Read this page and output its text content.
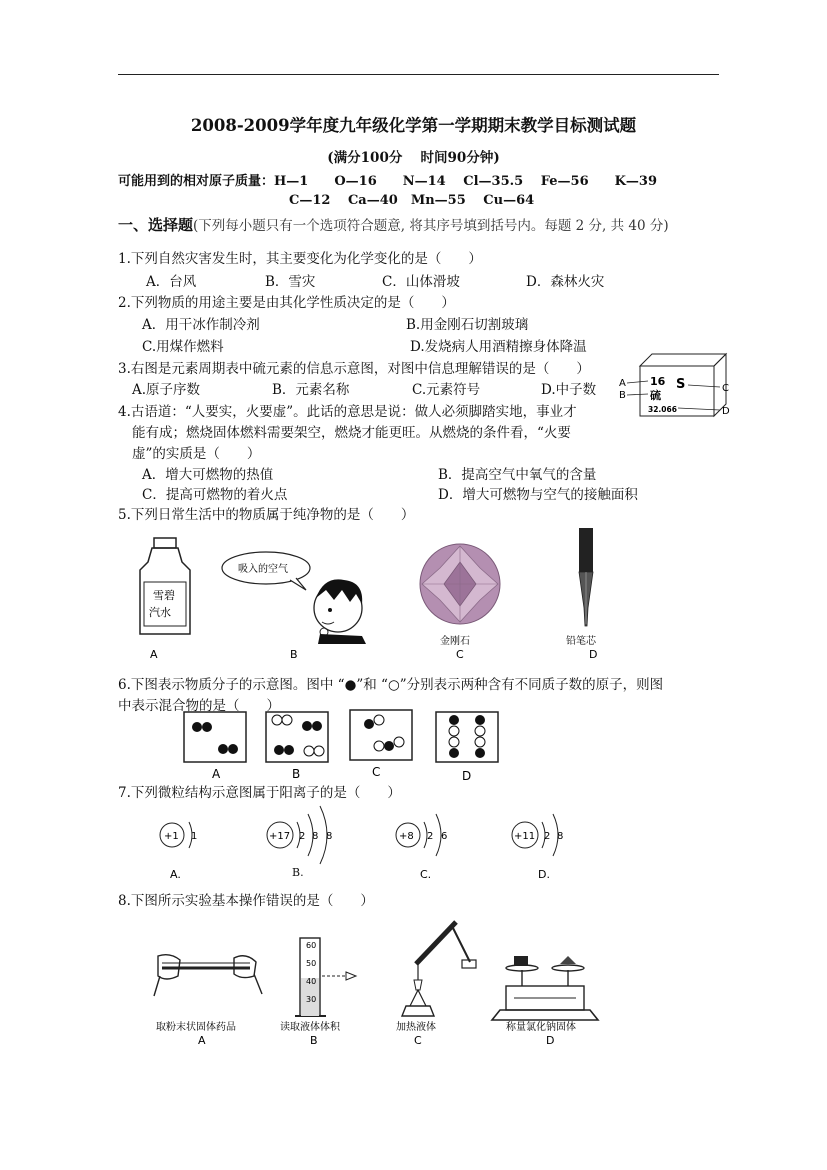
2008-2009学年度九年级化学第一学期期末教学目标测试题
(满分100分　 时间90分钟)
可能用到的相对原子质量：H—1　　O—16　　N—14　 Cl—35.5　 Fe—56　　K—39
C—12　 Ca—40　Mn—55　 Cu—64
一、选择题(下列每小题只有一个选项符合题意, 将其序号填到括号内。每题 2 分, 共 40 分)
1.下列自然灾害发生时，其主要变化为化学变化的是（　　）
A．台风	B．雪灾	C．山体滑坡	D．森林火灾
2.下列物质的用途主要是由其化学性质决定的是（　　）
A．用干冰作制冷剂	B.用金刚石切割玻璃
C.用煤作燃料	D.发烧病人用酒精擦身体降温
3.右图是元素周期表中硫元素的信息示意图，对图中信息理解错误的是（　　）
A.原子序数	B．元素名称	C.元素符号	D.中子数
16 S
硫
32.066
A
B
C
D
4.古语道：“人要实，火要虚”。此话的意思是说：做人必须脚踏实地，事业才
能有成；燃烧固体燃料需要架空，燃烧才能更旺。从燃烧的条件看，“火要
虚”的实质是（　　）
A．增大可燃物的热值	B．提高空气中氧气的含量
C．提高可燃物的着火点	D．增大可燃物与空气的接触面积
5.下列日常生活中的物质属于纯净物的是（　　）
雪碧
汽水
A
吸入的空气
B
金刚石
C
铅笔芯
D
6.下图表示物质分子的示意图。图中 “●”和 “○”分别表示两种含有不同质子数的原子，则图
中表示混合物的是（　　）
A	B	C	D
7.下列微粒结构示意图属于阳离子的是（　　）
+1 1
A.
+17 2 8 8	+8 2 6
C.
+11 2 8
D.
B.
8.下图所示实验基本操作错误的是（　　）
取粉末状固体药品
A
60
50
40
30
读取液体体积
B
加热液体
C
称量氯化钠固体
D
